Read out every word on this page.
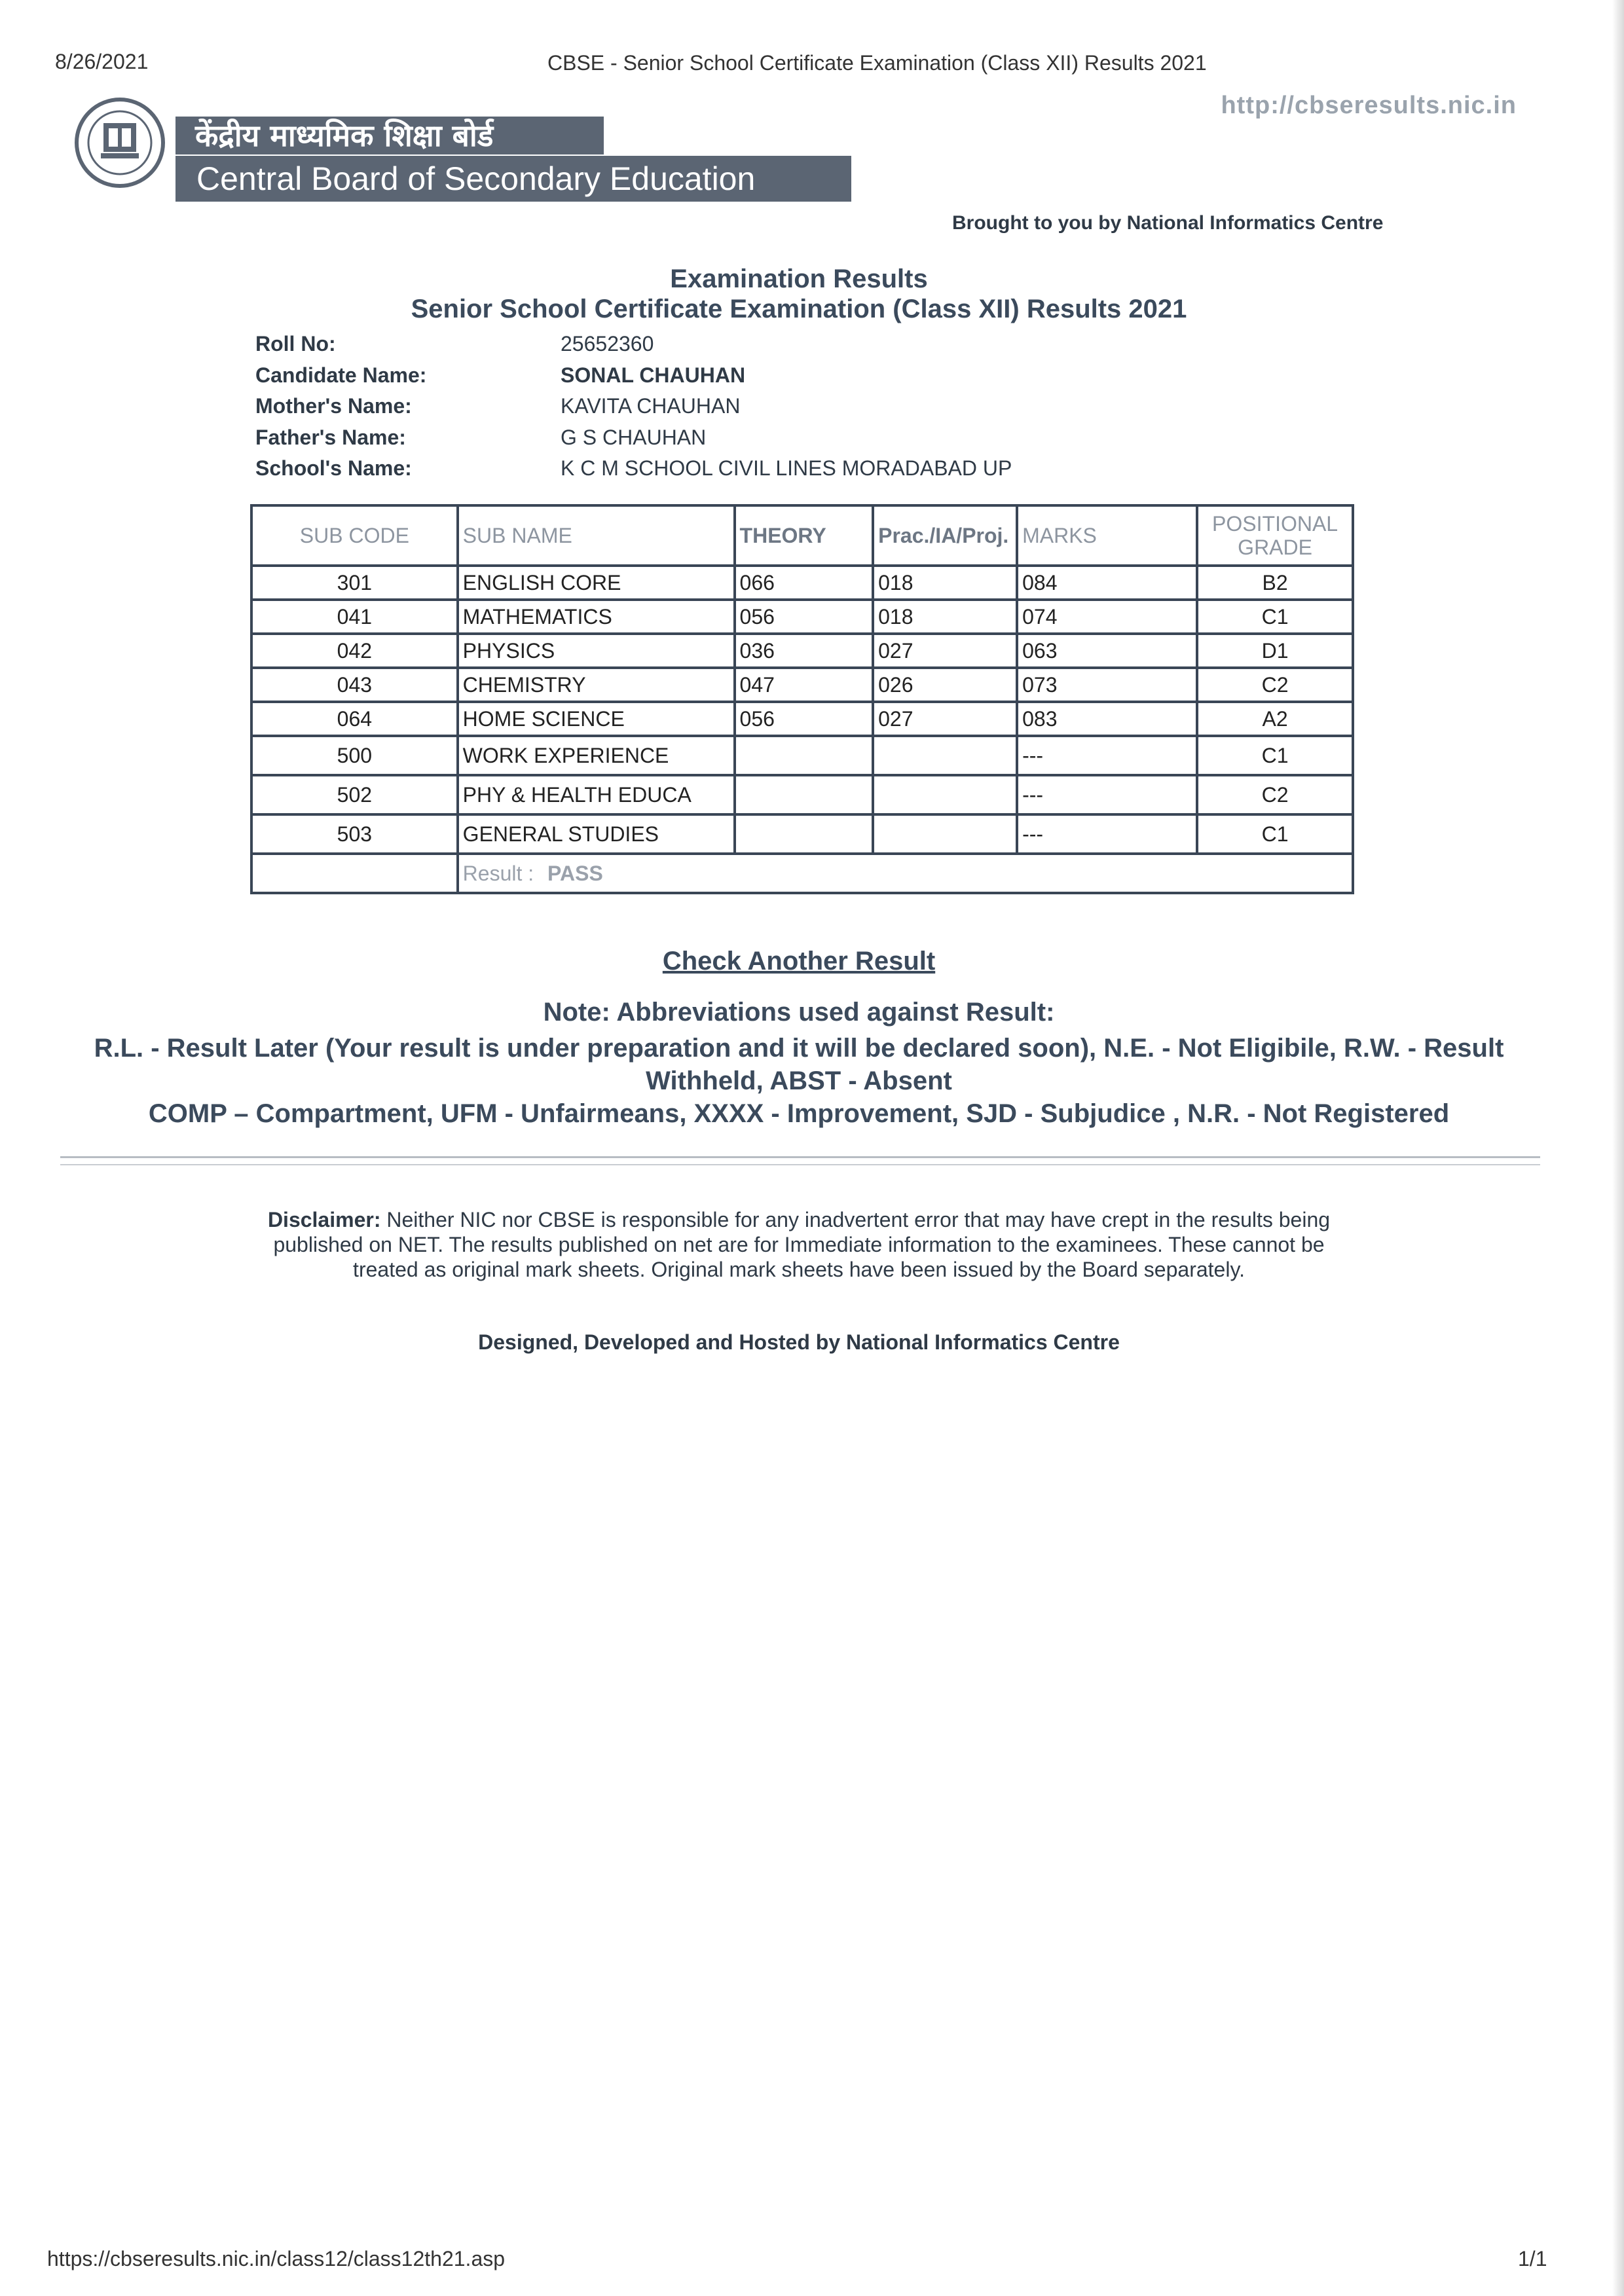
8/26/2021	CBSE - Senior School Certificate Examination (Class XII) Results 2021
http://cbseresults.nic.in
केंद्रीय माध्यमिक शिक्षा बोर्ड
Central Board of Secondary Education
Brought to you by National Informatics Centre
Examination Results
Senior School Certificate Examination (Class XII) Results 2021
Roll No:	25652360
Candidate Name:	SONAL CHAUHAN
Mother's Name:	KAVITA CHAUHAN
Father's Name:	G S CHAUHAN
School's Name:	K C M SCHOOL CIVIL LINES MORADABAD UP
SUB CODE	SUB NAME	THEORY	Prac./IA/Proj.	MARKS	POSITIONAL
GRADE

301	ENGLISH CORE	066	018	084	B2
041	MATHEMATICS	056	018	074	C1
042	PHYSICS	036	027	063	D1
043	CHEMISTRY	047	026	073	C2
064	HOME SCIENCE	056	027	083	A2
500	WORK EXPERIENCE			---	C1
502	PHY & HEALTH EDUCA			---	C2
503	GENERAL STUDIES			---	C1
	Result : PASS				
Check Another Result
Note: Abbreviations used against Result:
R.L. - Result Later (Your result is under preparation and it will be declared soon), N.E. - Not Eligibile, R.W. - Result
Withheld, ABST - Absent
COMP – Compartment, UFM - Unfairmeans, XXXX - Improvement, SJD - Subjudice , N.R. - Not Registered
Disclaimer: Neither NIC nor CBSE is responsible for any inadvertent error that may have crept in the results being published on NET. The results published on net are for Immediate information to the examinees. These cannot be treated as original mark sheets. Original mark sheets have been issued by the Board separately.
Designed, Developed and Hosted by National Informatics Centre
https://cbseresults.nic.in/class12/class12th21.asp	1/1
